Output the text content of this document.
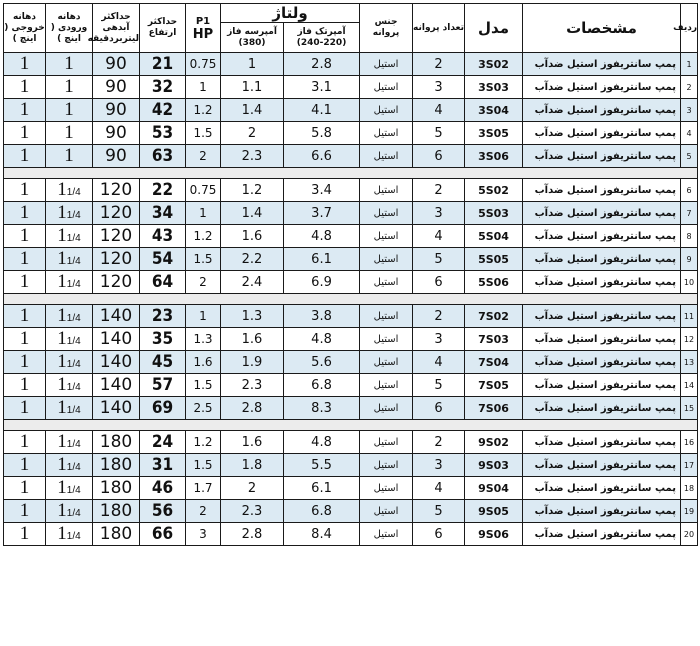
ردیف	مشخصات	مدل	تعداد پروانه	جنس پروانه	ولتاژ		P1
HP	حداکثر ارتفاع	حداکثر آبدهی لیتربردقیقه	دهانه ورودی ( اینچ )	دهانه خروجی ( اینچ )
					آمپرتک فاز (220-240)	آمپرسه فاز (380)					
1	پمپ سانتریفوز استیل ضدآب	3S02	2	استیل	2.8	1	0.75	21	90	1	1
2	پمپ سانتریفوز استیل ضدآب	3S03	3	استیل	3.1	1.1	1	32	90	1	1
3	پمپ سانتریفوز استیل ضدآب	3S04	4	استیل	4.1	1.4	1.2	42	90	1	1
4	پمپ سانتریفوز استیل ضدآب	3S05	5	استیل	5.8	2	1.5	53	90	1	1
5	پمپ سانتریفوز استیل ضدآب	3S06	6	استیل	6.6	2.3	2	63	90	1	1

6	پمپ سانتریفوز استیل ضدآب	5S02	2	استیل	3.4	1.2	0.75	22	120	11/4	1
7	پمپ سانتریفوز استیل ضدآب	5S03	3	استیل	3.7	1.4	1	34	120	11/4	1
8	پمپ سانتریفوز استیل ضدآب	5S04	4	استیل	4.8	1.6	1.2	43	120	11/4	1
9	پمپ سانتریفوز استیل ضدآب	5S05	5	استیل	6.1	2.2	1.5	54	120	11/4	1
10	پمپ سانتریفوز استیل ضدآب	5S06	6	استیل	6.9	2.4	2	64	120	11/4	1

11	پمپ سانتریفوز استیل ضدآب	7S02	2	استیل	3.8	1.3	1	23	140	11/4	1
12	پمپ سانتریفوز استیل ضدآب	7S03	3	استیل	4.8	1.6	1.3	35	140	11/4	1
13	پمپ سانتریفوز استیل ضدآب	7S04	4	استیل	5.6	1.9	1.6	45	140	11/4	1
14	پمپ سانتریفوز استیل ضدآب	7S05	5	استیل	6.8	2.3	1.5	57	140	11/4	1
15	پمپ سانتریفوز استیل ضدآب	7S06	6	استیل	8.3	2.8	2.5	69	140	11/4	1

16	پمپ سانتریفوز استیل ضدآب	9S02	2	استیل	4.8	1.6	1.2	24	180	11/4	1
17	پمپ سانتریفوز استیل ضدآب	9S03	3	استیل	5.5	1.8	1.5	31	180	11/4	1
18	پمپ سانتریفوز استیل ضدآب	9S04	4	استیل	6.1	2	1.7	46	180	11/4	1
19	پمپ سانتریفوز استیل ضدآب	9S05	5	استیل	6.8	2.3	2	56	180	11/4	1
20	پمپ سانتریفوز استیل ضدآب	9S06	6	استیل	8.4	2.8	3	66	180	11/4	1
